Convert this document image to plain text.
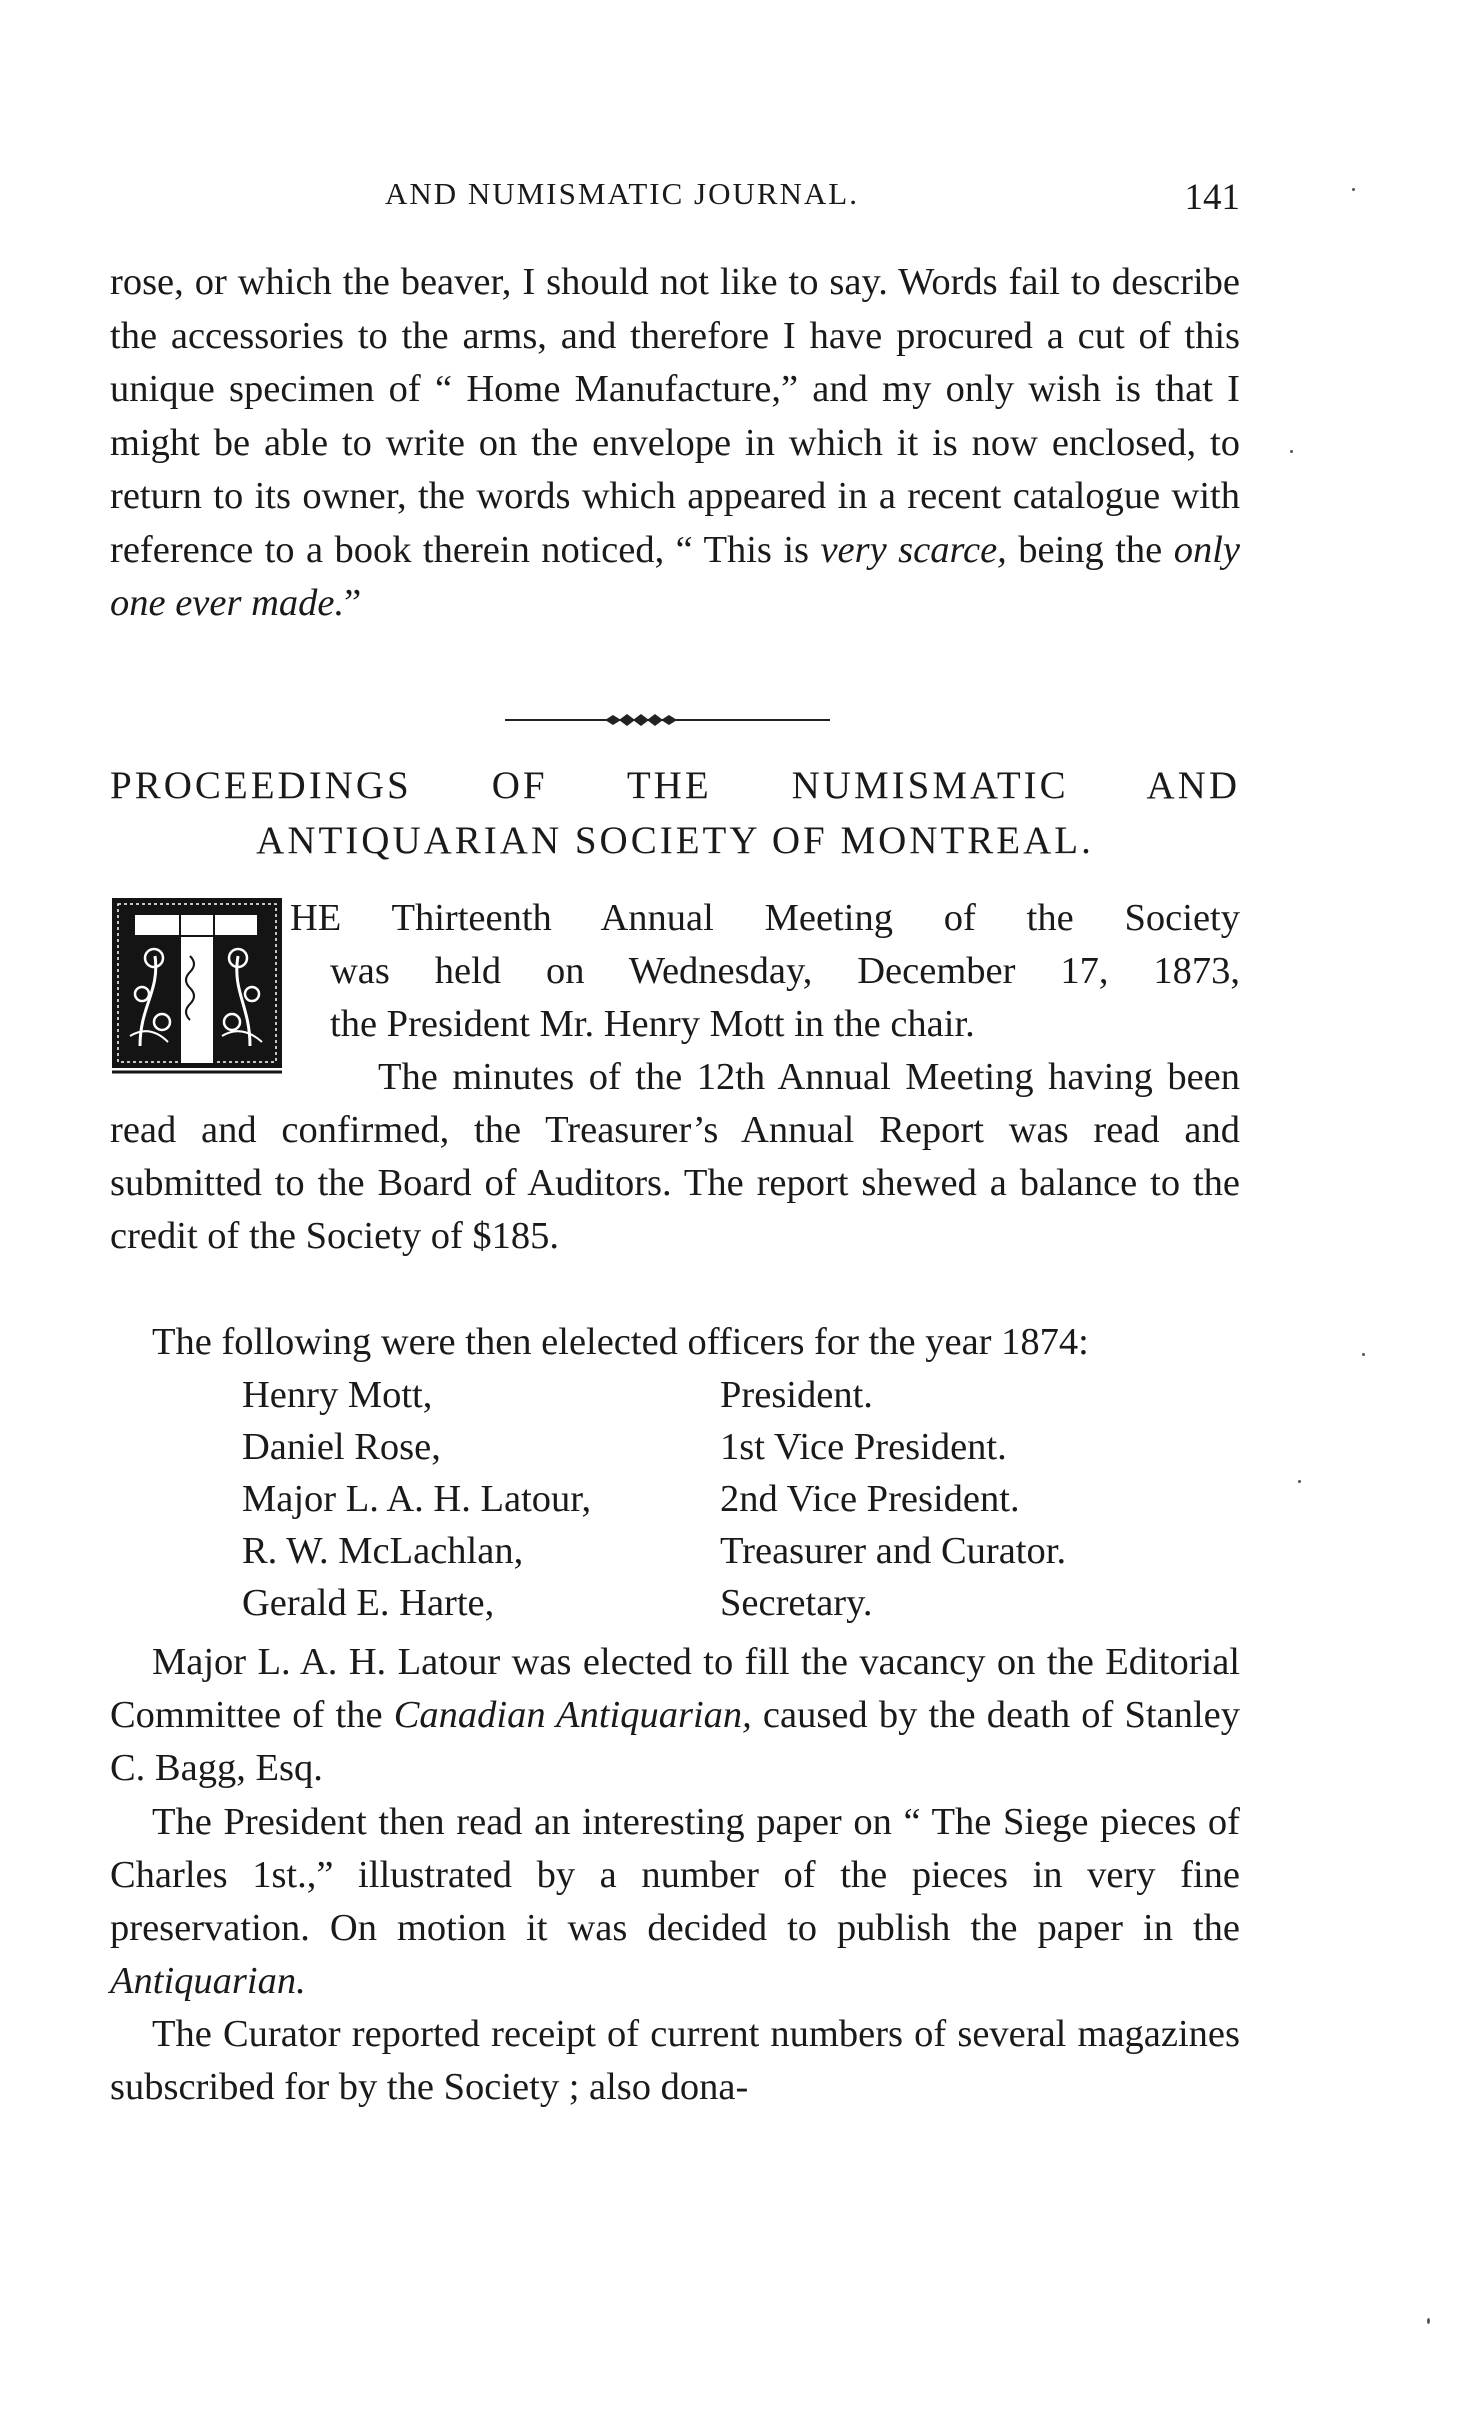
AND NUMISMATIC JOURNAL.	141

rose, or which the beaver, I should not like to say. Words fail to describe the accessories to the arms, and therefore I have procured a cut of this unique specimen of “ Home Manufacture,” and my only wish is that I might be able to write on the envelope in which it is now enclosed, to return to its owner, the words which appeared in a recent catalogue with reference to a book therein noticed, “ This is very scarce, being the only one ever made.”

PROCEEDINGS OF THE NUMISMATIC AND
ANTIQUARIAN SOCIETY OF MONTREAL.
HE Thirteenth Annual Meeting of the Society
was held on Wednesday, December 17, 1873,
the President Mr. Henry Mott in the chair.

The minutes of the 12th Annual Meeting having been read and confirmed, the Treasurer’s Annual Report was read and submitted to the Board of Auditors. The report shewed a balance to the credit of the Society of $185.

The following were then elelected officers for the year 1874:

Henry Mott,	President.
Daniel Rose,	1st Vice President.
Major L. A. H. Latour,	2nd Vice President.
R. W. McLachlan,	Treasurer and Curator.
Gerald E. Harte,	Secretary.

Major L. A. H. Latour was elected to fill the vacancy on the Editorial Committee of the Canadian Antiquarian, caused by the death of Stanley C. Bagg, Esq.

The President then read an interesting paper on “ The Siege pieces of Charles 1st.,” illustrated by a number of the pieces in very fine preservation. On motion it was decided to publish the paper in the Antiquarian.

The Curator reported receipt of current numbers of several magazines subscribed for by the Society ; also dona-
